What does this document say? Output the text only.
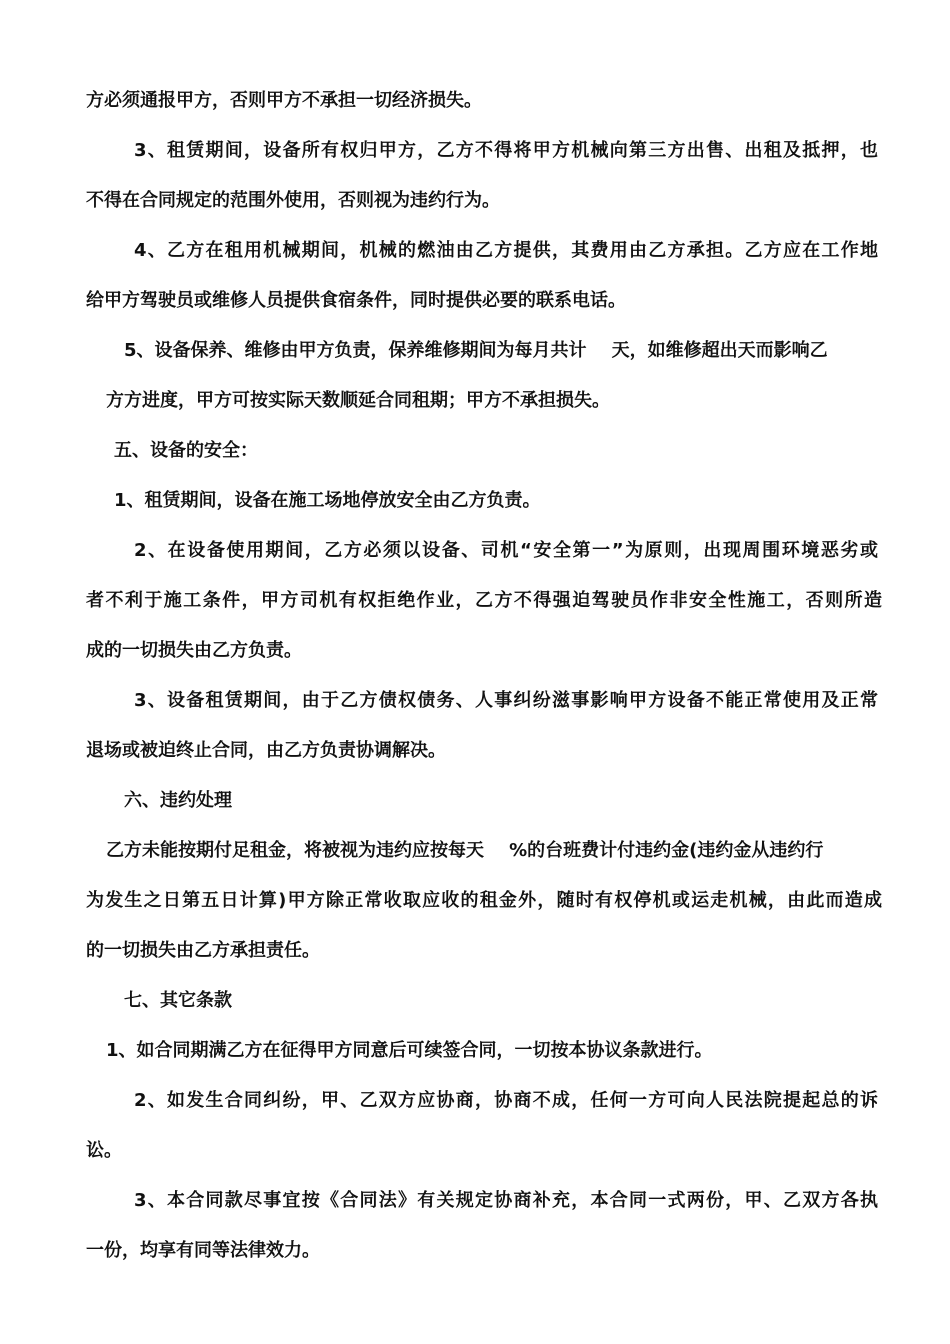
方必须通报甲方，否则甲方不承担一切经济损失。
3、租赁期间，设备所有权归甲方，乙方不得将甲方机械向第三方出售、出租及抵押，也
不得在合同规定的范围外使用，否则视为违约行为。
4、乙方在租用机械期间，机械的燃油由乙方提供，其费用由乙方承担。乙方应在工作地
给甲方驾驶员或维修人员提供食宿条件，同时提供必要的联系电话。
5、设备保养、维修由甲方负责，保养维修期间为每月共计    天，如维修超出天而影响乙
方方进度，甲方可按实际天数顺延合同租期；甲方不承担损失。
五、设备的安全：
1、租赁期间，设备在施工场地停放安全由乙方负责。
2、在设备使用期间，乙方必须以设备、司机“安全第一”为原则，出现周围环境恶劣或
者不利于施工条件，甲方司机有权拒绝作业，乙方不得强迫驾驶员作非安全性施工，否则所造
成的一切损失由乙方负责。
3、设备租赁期间，由于乙方债权债务、人事纠纷滋事影响甲方设备不能正常使用及正常
退场或被迫终止合同，由乙方负责协调解决。
六、违约处理
乙方未能按期付足租金，将被视为违约应按每天    %的台班费计付违约金(违约金从违约行
为发生之日第五日计算)甲方除正常收取应收的租金外，随时有权停机或运走机械，由此而造成
的一切损失由乙方承担责任。
七、其它条款
1、如合同期满乙方在征得甲方同意后可续签合同，一切按本协议条款进行。
2、如发生合同纠纷，甲、乙双方应协商，协商不成，任何一方可向人民法院提起总的诉
讼。
3、本合同款尽事宜按《合同法》有关规定协商补充，本合同一式两份，甲、乙双方各执
一份，均享有同等法律效力。
